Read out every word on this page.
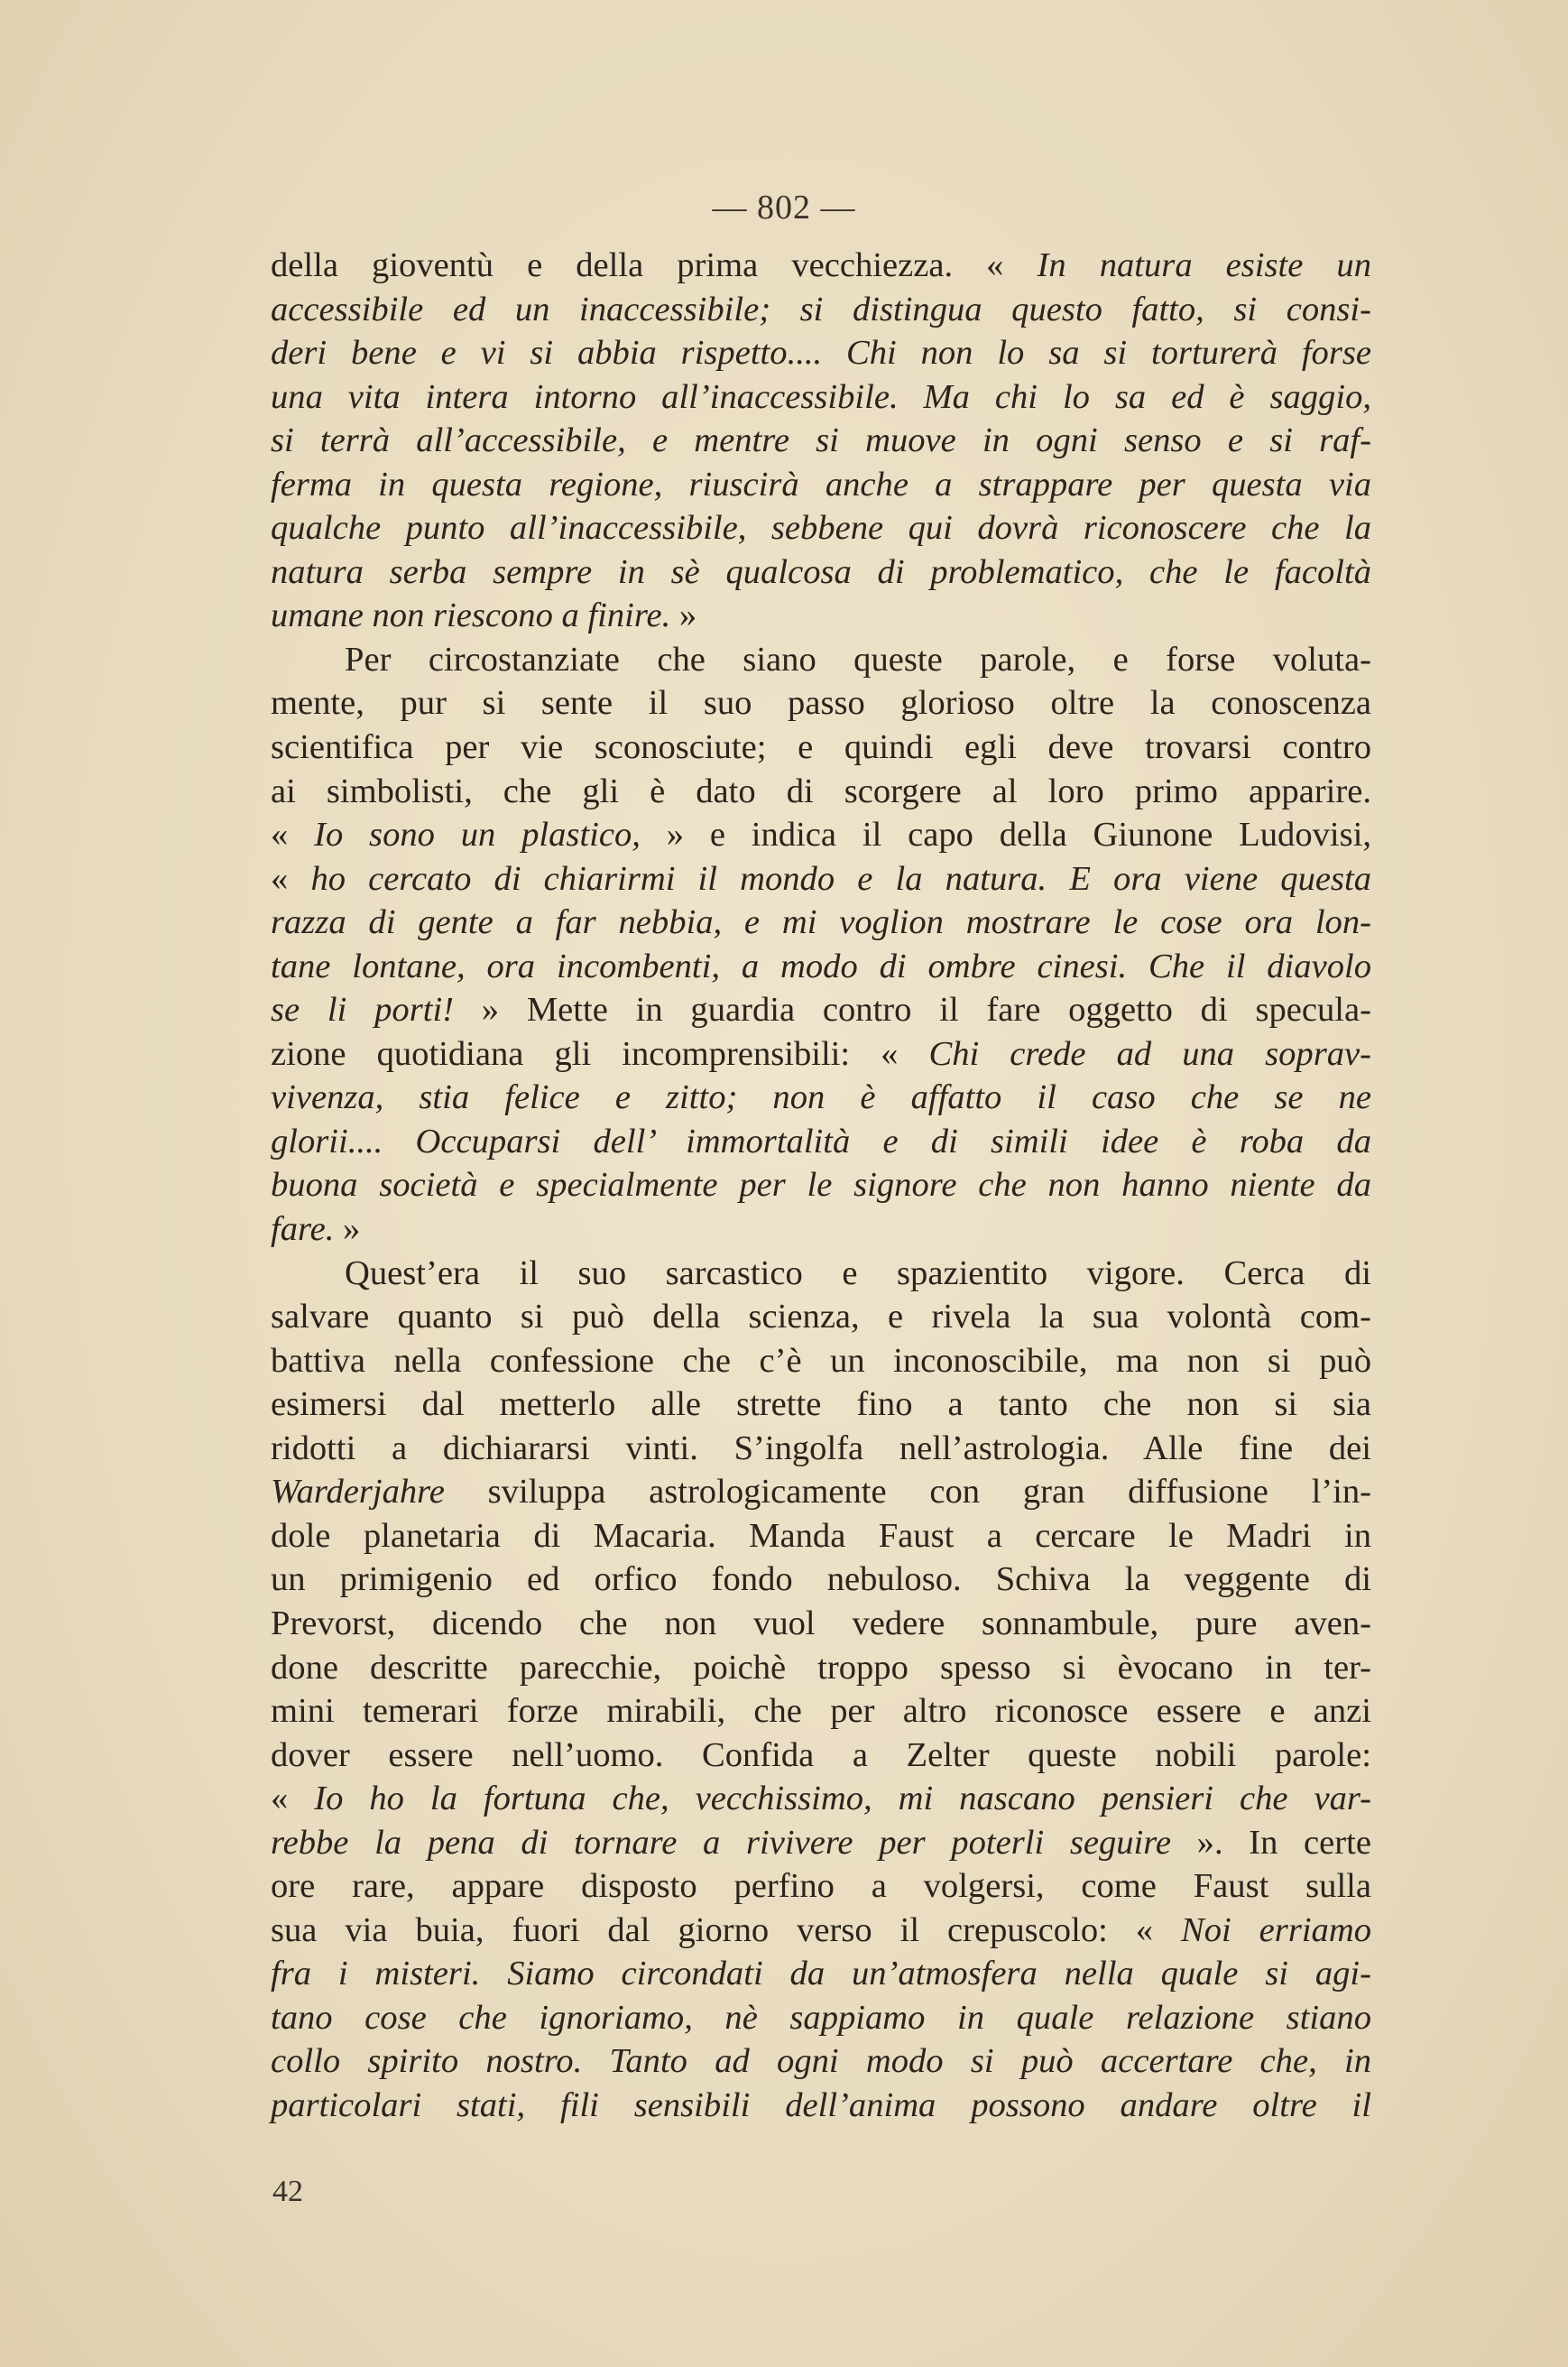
— 802 —
della gioventù e della prima vecchiezza. « In natura esiste un
accessibile ed un inaccessibile; si distingua questo fatto, si consi-
deri bene e vi si abbia rispetto.... Chi non lo sa si torturerà forse
una vita intera intorno all’inaccessibile. Ma chi lo sa ed è saggio,
si terrà all’accessibile, e mentre si muove in ogni senso e si raf-
ferma in questa regione, riuscirà anche a strappare per questa via
qualche punto all’inaccessibile, sebbene qui dovrà riconoscere che la
natura serba sempre in sè qualcosa di problematico, che le facoltà
umane non riescono a finire. »
Per circostanziate che siano queste parole, e forse voluta-
mente, pur si sente il suo passo glorioso oltre la conoscenza
scientifica per vie sconosciute; e quindi egli deve trovarsi contro
ai simbolisti, che gli è dato di scorgere al loro primo apparire.
« Io sono un plastico, » e indica il capo della Giunone Ludovisi,
« ho cercato di chiarirmi il mondo e la natura. E ora viene questa
razza di gente a far nebbia, e mi voglion mostrare le cose ora lon-
tane lontane, ora incombenti, a modo di ombre cinesi. Che il diavolo
se li porti! » Mette in guardia contro il fare oggetto di specula-
zione quotidiana gli incomprensibili: « Chi crede ad una soprav-
vivenza, stia felice e zitto; non è affatto il caso che se ne
glorii.... Occuparsi dell’ immortalità e di simili idee è roba da
buona società e specialmente per le signore che non hanno niente da
fare. »
Quest’era il suo sarcastico e spazientito vigore. Cerca di
salvare quanto si può della scienza, e rivela la sua volontà com-
battiva nella confessione che c’è un inconoscibile, ma non si può
esimersi dal metterlo alle strette fino a tanto che non si sia
ridotti a dichiararsi vinti. S’ingolfa nell’astrologia. Alle fine dei
Warderjahre sviluppa astrologicamente con gran diffusione l’in-
dole planetaria di Macaria. Manda Faust a cercare le Madri in
un primigenio ed orfico fondo nebuloso. Schiva la veggente di
Prevorst, dicendo che non vuol vedere sonnambule, pure aven-
done descritte parecchie, poichè troppo spesso si èvocano in ter-
mini temerari forze mirabili, che per altro riconosce essere e anzi
dover essere nell’uomo. Confida a Zelter queste nobili parole:
« Io ho la fortuna che, vecchissimo, mi nascano pensieri che var-
rebbe la pena di tornare a rivivere per poterli seguire ». In certe
ore rare, appare disposto perfino a volgersi, come Faust sulla
sua via buia, fuori dal giorno verso il crepuscolo: « Noi erriamo
fra i misteri. Siamo circondati da un’atmosfera nella quale si agi-
tano cose che ignoriamo, nè sappiamo in quale relazione stiano
collo spirito nostro. Tanto ad ogni modo si può accertare che, in
particolari stati, fili sensibili dell’anima possono andare oltre il
42
